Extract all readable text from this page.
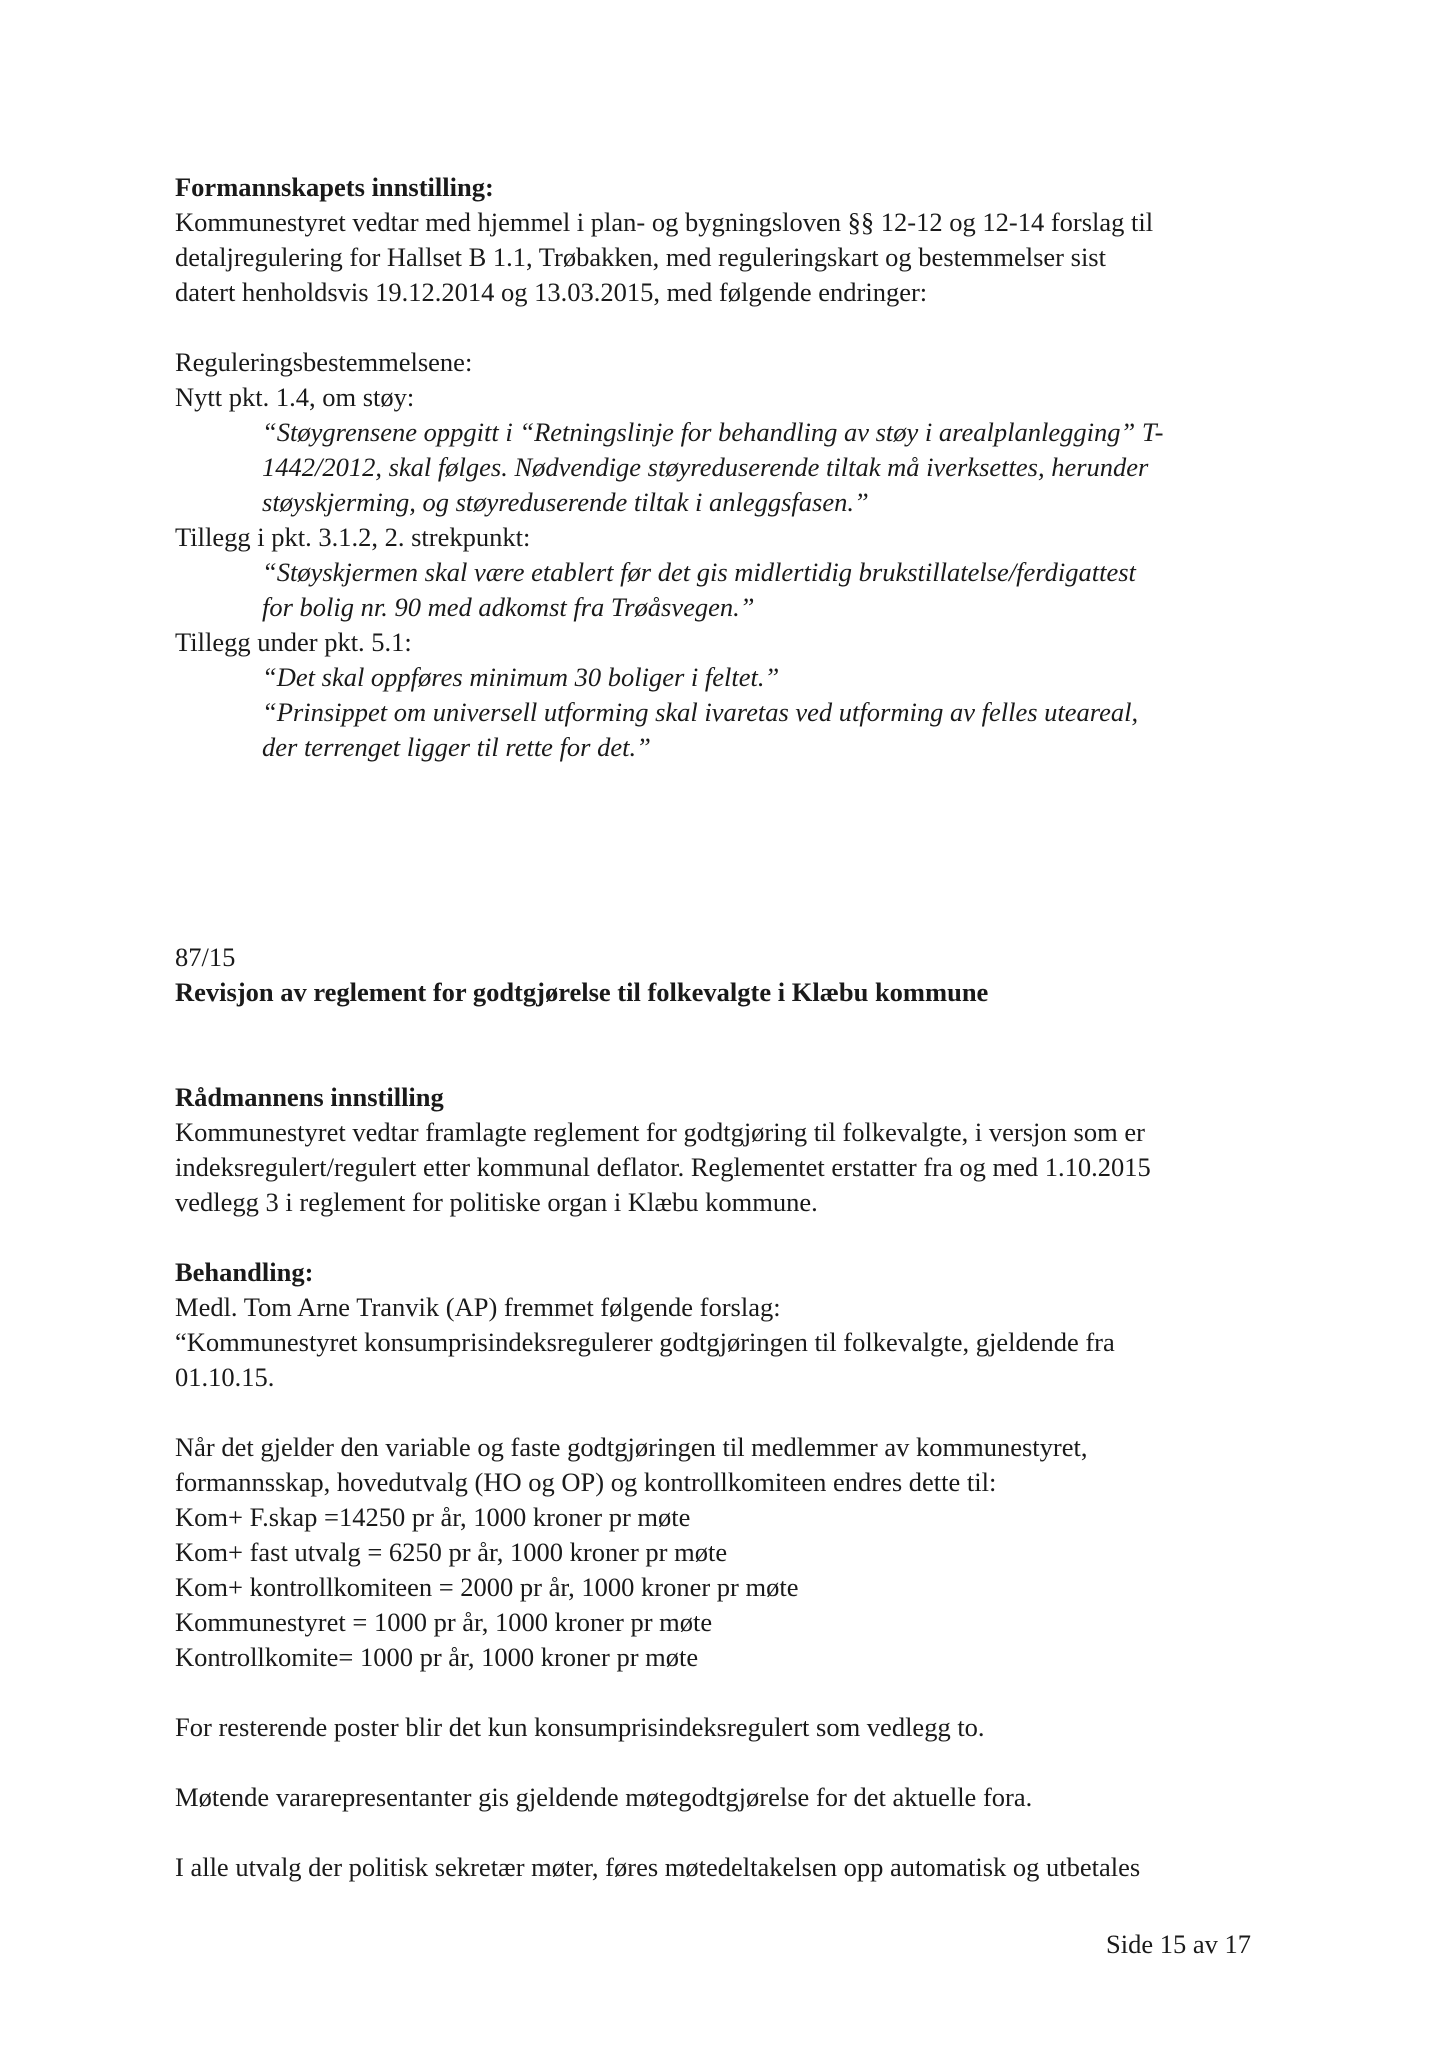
Formannskapets innstilling:
Kommunestyret vedtar med hjemmel i plan- og bygningsloven §§ 12-12 og 12-14 forslag til
detaljregulering for Hallset B 1.1, Trøbakken, med reguleringskart og bestemmelser sist
datert henholdsvis 19.12.2014 og 13.03.2015, med følgende endringer:
Reguleringsbestemmelsene:
Nytt pkt. 1.4, om støy:
“Støygrensene oppgitt i “Retningslinje for behandling av støy i arealplanlegging” T-
1442/2012, skal følges. Nødvendige støyreduserende tiltak må iverksettes, herunder
støyskjerming, og støyreduserende tiltak i anleggsfasen.”
Tillegg i pkt. 3.1.2, 2. strekpunkt:
“Støyskjermen skal være etablert før det gis midlertidig brukstillatelse/ferdigattest
for bolig nr. 90 med adkomst fra Trøåsvegen.”
Tillegg under pkt. 5.1:
“Det skal oppføres minimum 30 boliger i feltet.”
“Prinsippet om universell utforming skal ivaretas ved utforming av felles uteareal,
der terrenget ligger til rette for det.”
87/15
Revisjon av reglement for godtgjørelse til folkevalgte i Klæbu kommune
Rådmannens innstilling
Kommunestyret vedtar framlagte reglement for godtgjøring til folkevalgte, i versjon som er
indeksregulert/regulert etter kommunal deflator. Reglementet erstatter fra og med 1.10.2015
vedlegg 3 i reglement for politiske organ i Klæbu kommune.
Behandling:
Medl. Tom Arne Tranvik (AP) fremmet følgende forslag:
“Kommunestyret konsumprisindeksregulerer godtgjøringen til folkevalgte, gjeldende fra
01.10.15.
Når det gjelder den variable og faste godtgjøringen til medlemmer av kommunestyret,
formannsskap, hovedutvalg (HO og OP) og kontrollkomiteen endres dette til:
Kom+ F.skap =14250 pr år, 1000 kroner pr møte
Kom+ fast utvalg = 6250 pr år, 1000 kroner pr møte
Kom+ kontrollkomiteen = 2000 pr år, 1000 kroner pr møte
Kommunestyret = 1000 pr år, 1000 kroner pr møte
Kontrollkomite= 1000 pr år, 1000 kroner pr møte
For resterende poster blir det kun konsumprisindeksregulert som vedlegg to.
Møtende vararepresentanter gis gjeldende møtegodtgjørelse for det aktuelle fora.
I alle utvalg der politisk sekretær møter, føres møtedeltakelsen opp automatisk og utbetales
Side 15 av 17
